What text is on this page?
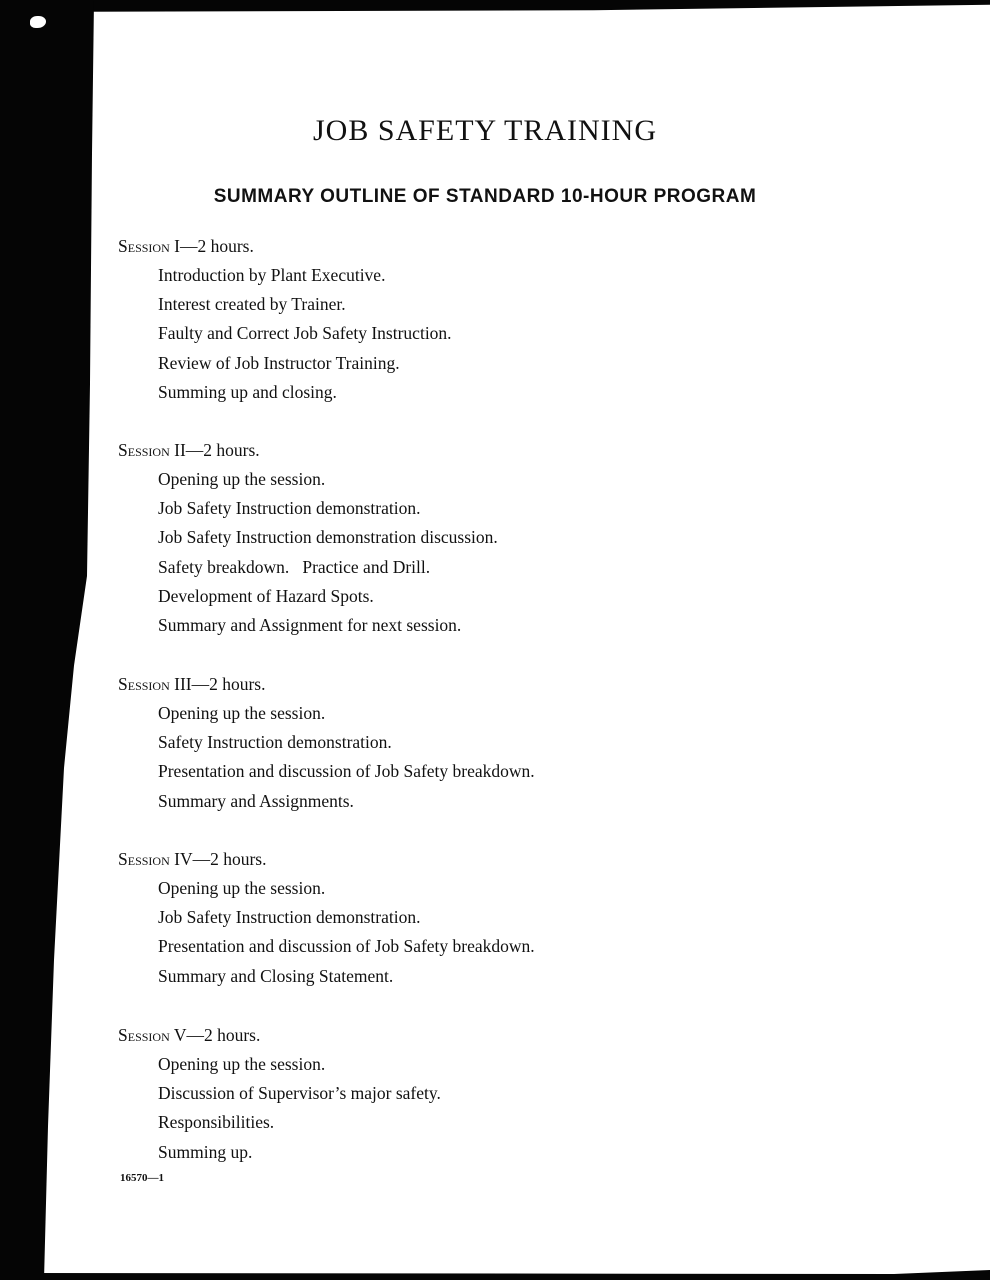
JOB SAFETY TRAINING
SUMMARY OUTLINE OF STANDARD 10-HOUR PROGRAM
Session I—2 hours.
Introduction by Plant Executive.
Interest created by Trainer.
Faulty and Correct Job Safety Instruction.
Review of Job Instructor Training.
Summing up and closing.
Session II—2 hours.
Opening up the session.
Job Safety Instruction demonstration.
Job Safety Instruction demonstration discussion.
Safety breakdown.   Practice and Drill.
Development of Hazard Spots.
Summary and Assignment for next session.
Session III—2 hours.
Opening up the session.
Safety Instruction demonstration.
Presentation and discussion of Job Safety breakdown.
Summary and Assignments.
Session IV—2 hours.
Opening up the session.
Job Safety Instruction demonstration.
Presentation and discussion of Job Safety breakdown.
Summary and Closing Statement.
Session V—2 hours.
Opening up the session.
Discussion of Supervisor’s major safety.
Responsibilities.
Summing up.
16570—1
